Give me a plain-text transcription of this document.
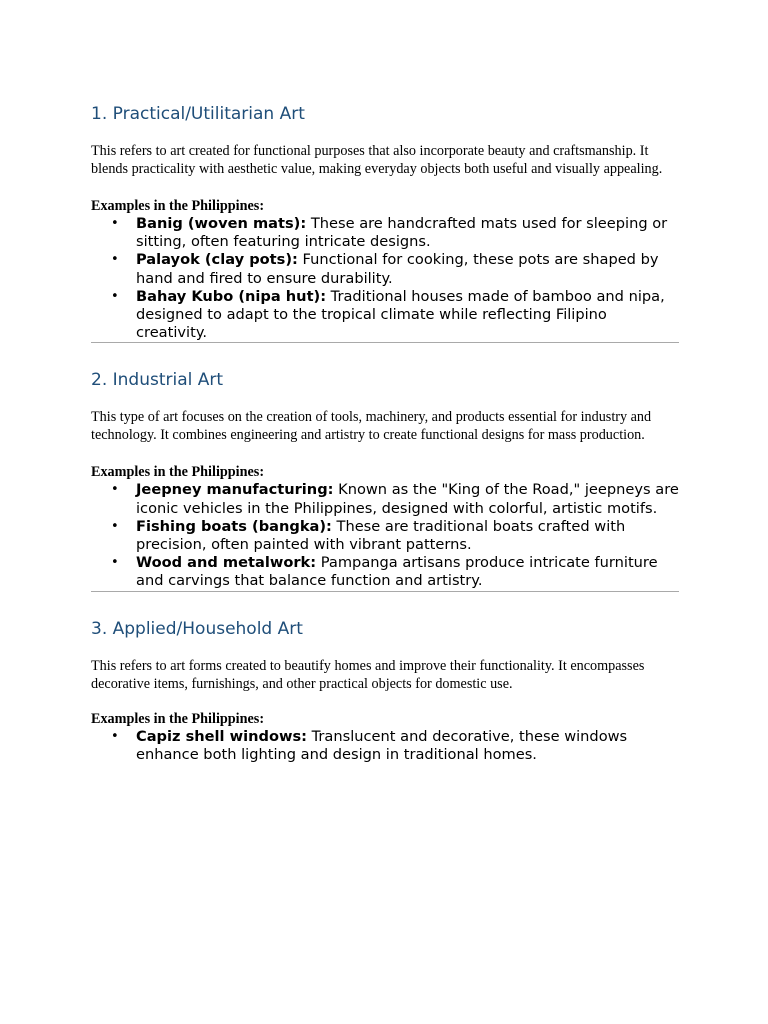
1. Practical/Utilitarian Art

This refers to art created for functional purposes that also incorporate beauty and craftsmanship. It blends practicality with aesthetic value, making everyday objects both useful and visually appealing.

Examples in the Philippines:

• Banig (woven mats): These are handcrafted mats used for sleeping or sitting, often featuring intricate designs.
• Palayok (clay pots): Functional for cooking, these pots are shaped by hand and fired to ensure durability.
• Bahay Kubo (nipa hut): Traditional houses made of bamboo and nipa, designed to adapt to the tropical climate while reflecting Filipino creativity.
2. Industrial Art

This type of art focuses on the creation of tools, machinery, and products essential for industry and technology. It combines engineering and artistry to create functional designs for mass production.

Examples in the Philippines:

• Jeepney manufacturing: Known as the "King of the Road," jeepneys are iconic vehicles in the Philippines, designed with colorful, artistic motifs.
• Fishing boats (bangka): These are traditional boats crafted with precision, often painted with vibrant patterns.
• Wood and metalwork: Pampanga artisans produce intricate furniture and carvings that balance function and artistry.
3. Applied/Household Art

This refers to art forms created to beautify homes and improve their functionality. It encompasses decorative items, furnishings, and other practical objects for domestic use.

Examples in the Philippines:

• Capiz shell windows: Translucent and decorative, these windows enhance both lighting and design in traditional homes.
